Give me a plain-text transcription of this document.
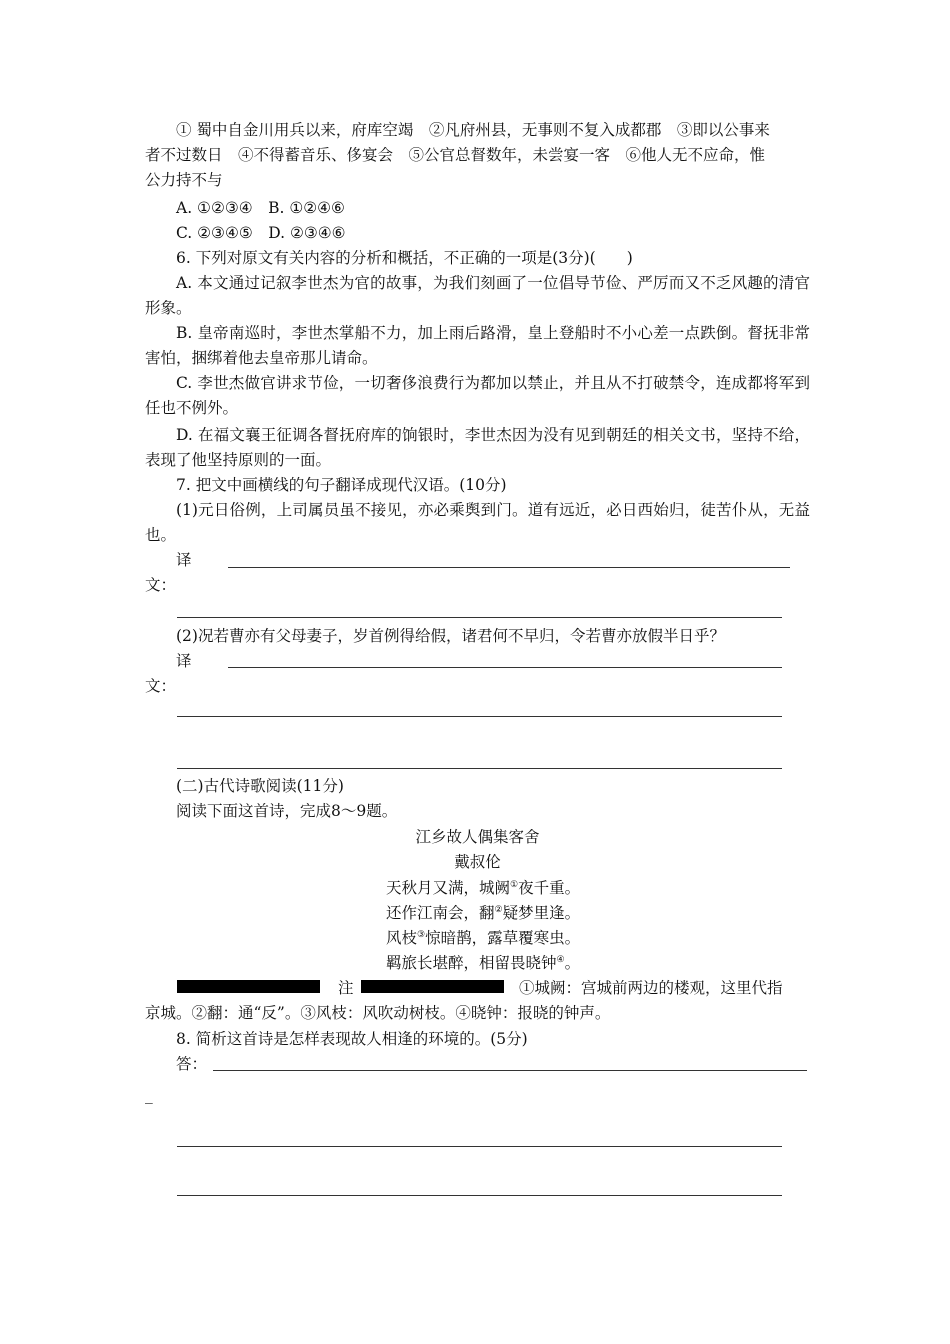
① 蜀中自金川用兵以来，府库空竭　②凡府州县，无事则不复入成都郡　③即以公事来

者不过数日　④不得蓄音乐、侈宴会　⑤公官总督数年，未尝宴一客　⑥他人无不应命，惟

公力持不与

A. ①②③④　B. ①②④⑥

C. ②③④⑤　D. ②③④⑥

6. 下列对原文有关内容的分析和概括，不正确的一项是(3分)(　　)

A. 本文通过记叙李世杰为官的故事，为我们刻画了一位倡导节俭、严厉而又不乏风趣的清官形象。

B. 皇帝南巡时，李世杰掌船不力，加上雨后路滑，皇上登船时不小心差一点跌倒。督抚非常害怕，捆绑着他去皇帝那儿请命。

C. 李世杰做官讲求节俭，一切奢侈浪费行为都加以禁止，并且从不打破禁令，连成都将军到任也不例外。

D. 在福文襄王征调各督抚府库的饷银时，李世杰因为没有见到朝廷的相关文书，坚持不给，表现了他坚持原则的一面。

7. 把文中画横线的句子翻译成现代汉语。(10分)

(1)元日俗例，上司属员虽不接见，亦必乘舆到门。道有远近，必日西始归，徒苦仆从，无益也。

译文：

(2)况若曹亦有父母妻子，岁首例得给假，诸君何不早归，令若曹亦放假半日乎？

译文：

(二)古代诗歌阅读(11分)

阅读下面这首诗，完成8～9题。

江乡故人偶集客舍
戴叔伦
天秋月又满，城阙①夜千重。
还作江南会，翻②疑梦里逢。
风枝③惊暗鹊，露草覆寒虫。
羁旅长堪醉，相留畏晓钟④。
注	①城阙：宫城前两边的楼观，这里代指

京城。②翻：通“反”。③风枝：风吹动树枝。④晓钟：报晓的钟声。

8. 简析这首诗是怎样表现故人相逢的环境的。(5分)

答：

_
